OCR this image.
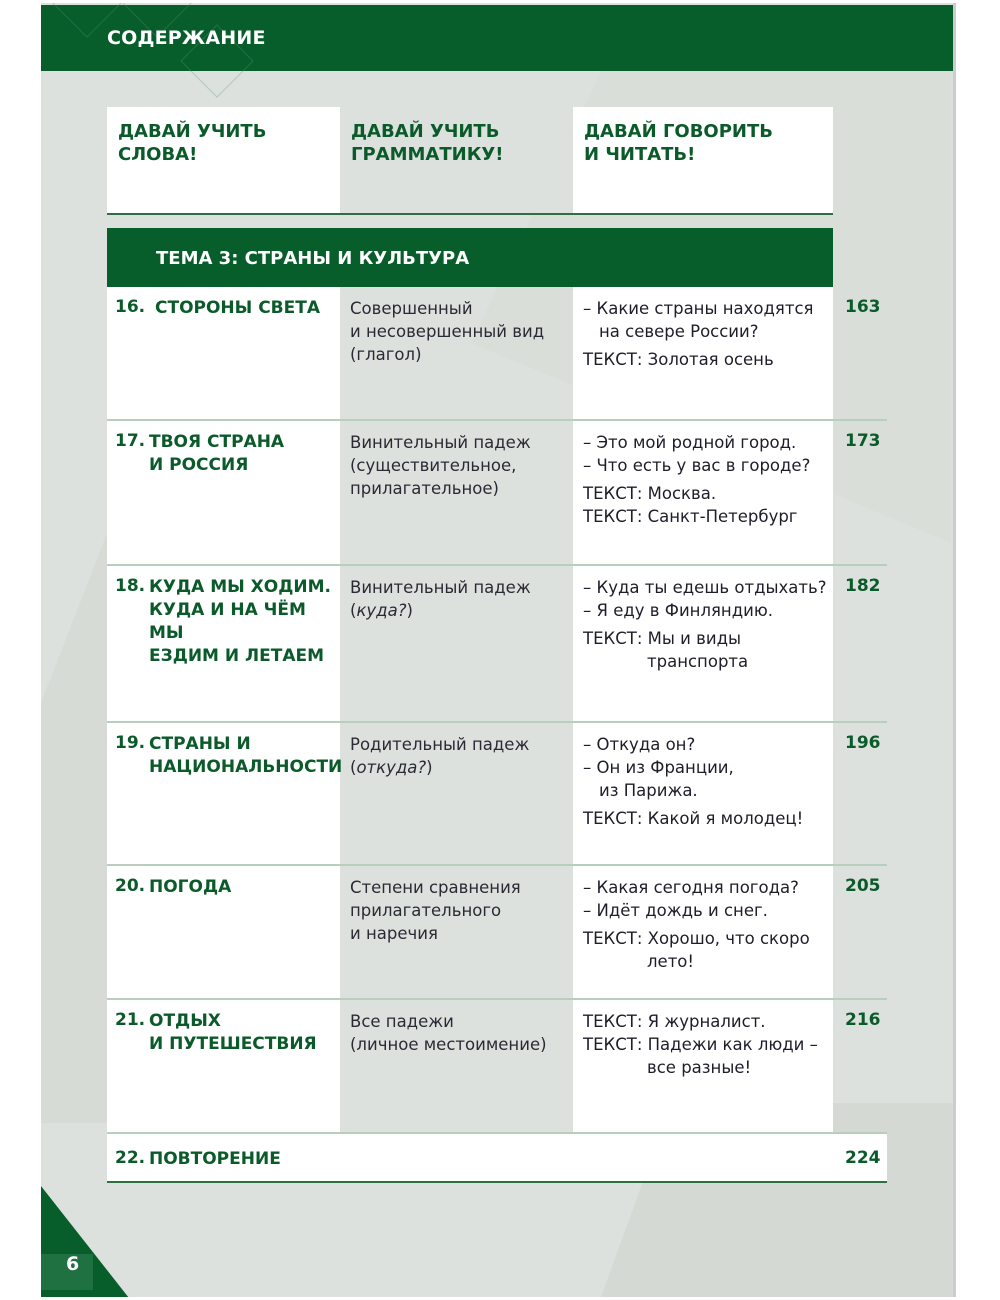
СОДЕРЖАНИЕ
ДАВАЙ УЧИТЬ
СЛОВА!
ДАВАЙ УЧИТЬ
ГРАММАТИКУ!
ДАВАЙ ГОВОРИТЬ
И ЧИТАТЬ!
ТЕМА 3: СТРАНЫ И КУЛЬТУРА
16. СТОРОНЫ СВЕТА Совершенный
и несовершенный вид
(глагол)
– Какие страны находятся
на севере России?
ТЕКСТ: Золотая осень
163
17. ТВОЯ СТРАНА
И РОССИЯ
Винительный падеж
(существительное,
прилагательное)
– Это мой родной город.
– Что есть у вас в городе?
ТЕКСТ: Москва.
ТЕКСТ: Санкт-Петербург
173
18. КУДА МЫ ХОДИМ.
КУДА И НА ЧЁМ МЫ
ЕЗДИМ И ЛЕТАЕМ
Винительный падеж
(куда?)
– Куда ты едешь отдыхать?
– Я еду в Финляндию.
ТЕКСТ: Мы и виды
транспорта
182
19. СТРАНЫ И
НАЦИОНАЛЬНОСТИ
Родительный падеж
(откуда?)
– Откуда он?
– Он из Франции,
из Парижа.
ТЕКСТ: Какой я молодец!
196
20. ПОГОДА	Степени сравнения
прилагательного
и наречия
– Какая сегодня погода?
– Идёт дождь и снег.
ТЕКСТ: Хорошо, что скоро
лето!
205
21. ОТДЫХ
И ПУТЕШЕСТВИЯ
Все падежи
(личное местоимение)
ТЕКСТ: Я журналист.
ТЕКСТ: Падежи как люди –
все разные!
216
22. ПОВТОРЕНИЕ	224
6
